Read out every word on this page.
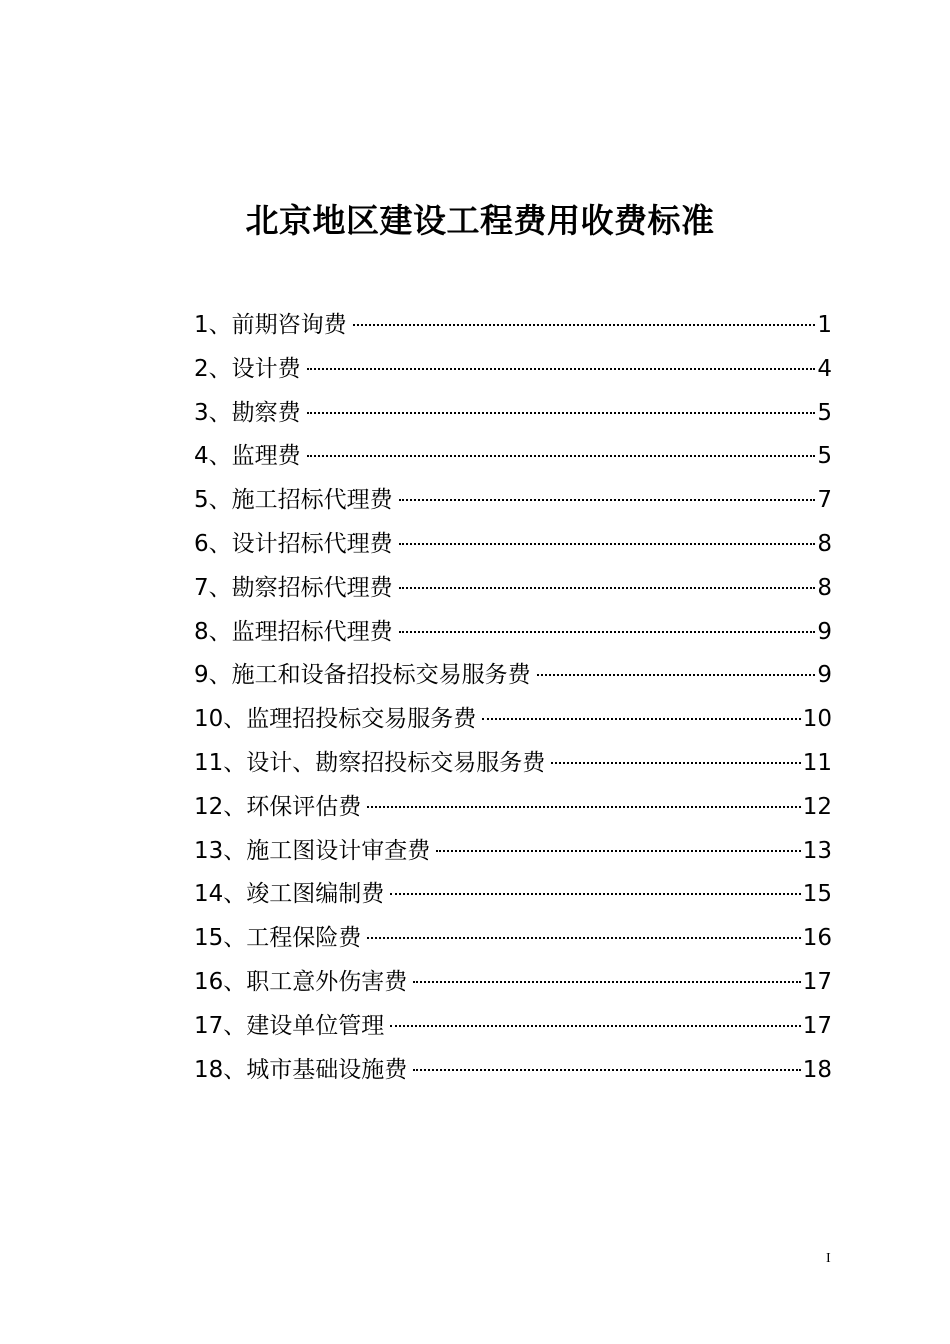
北京地区建设工程费用收费标准
1、 前期咨询费	1
2、 设计费	4
3、 勘察费	5
4、 监理费	5
5、 施工招标代理费	7
6、 设计招标代理费	8
7、 勘察招标代理费	8
8、 监理招标代理费	9
9、 施工和设备招投标交易服务费	9
10、 监理招投标交易服务费	10
11、 设计、勘察招投标交易服务费	11
12、 环保评估费	12
13、 施工图设计审查费	13
14、 竣工图编制费	15
15、 工程保险费	16
16、 职工意外伤害费	17
17、 建设单位管理	17
18、 城市基础设施费	18
I
